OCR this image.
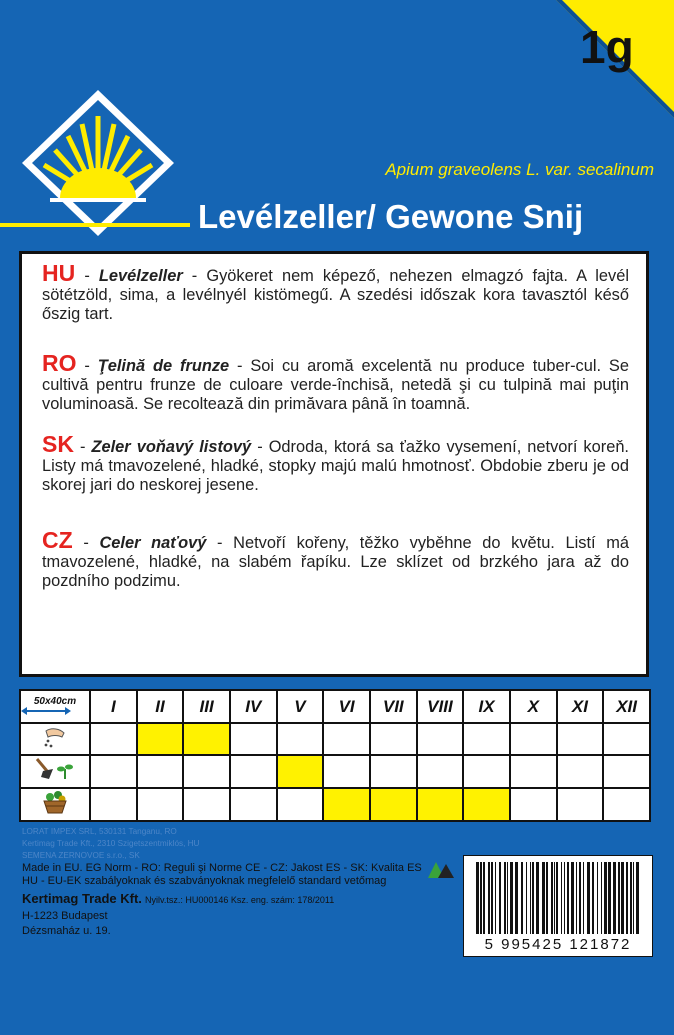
1g
Apium graveolens L. var. secalinum
Levélzeller/ Gewone Snij

HU - Levélzeller - Gyökeret nem képező, nehezen elmagzó fajta. A levél sötétzöld, sima, a levélnyél kistömegű. A szedési időszak kora tavasztól késő őszig tart.

RO - Ţelină de frunze - Soi cu aromă excelentă nu produce tuber-cul. Se cultivă pentru frunze de culoare verde-închisă, netedă şi cu tulpină mai puţin voluminoasă. Se recoltează din primăvara până în toamnă.

SK - Zeler voňavý listový - Odroda, ktorá sa ťažko vysemení, netvorí koreň. Listy má tmavozelené, hladké, stopky majú malú hmotnosť. Obdobie zberu je od skorej jari do neskorej jesene.

CZ - Celer naťový - Netvoří kořeny, těžko vyběhne do květu. Listí má tmavozelené, hladké, na slabém řapíku. Lze sklízet od brzkého jara až do pozdního podzimu.

50x40cm	I	II	III	IV	V	VI	VII	VIII	IX	X	XI	XII

LORAT IMPEX SRL, 530131 Tanganu, RO
Kertimag Trade Kft., 2310 Szigetszentmiklós, HU
SEMENA ZERNOVOE s.r.o., SK
Made in EU. EG Norm - RO: Reguli şi Norme CE - CZ: Jakost ES - SK: Kvalita ES
HU - EU-EK szabályoknak és szabványoknak megfelelő standard vetőmag
Kertimag Trade Kft. Nyilv.tsz.: HU000146 Ksz. eng. szám: 178/2011
H-1223 Budapest
Dézsmaház u. 19.
5 995425 121872
